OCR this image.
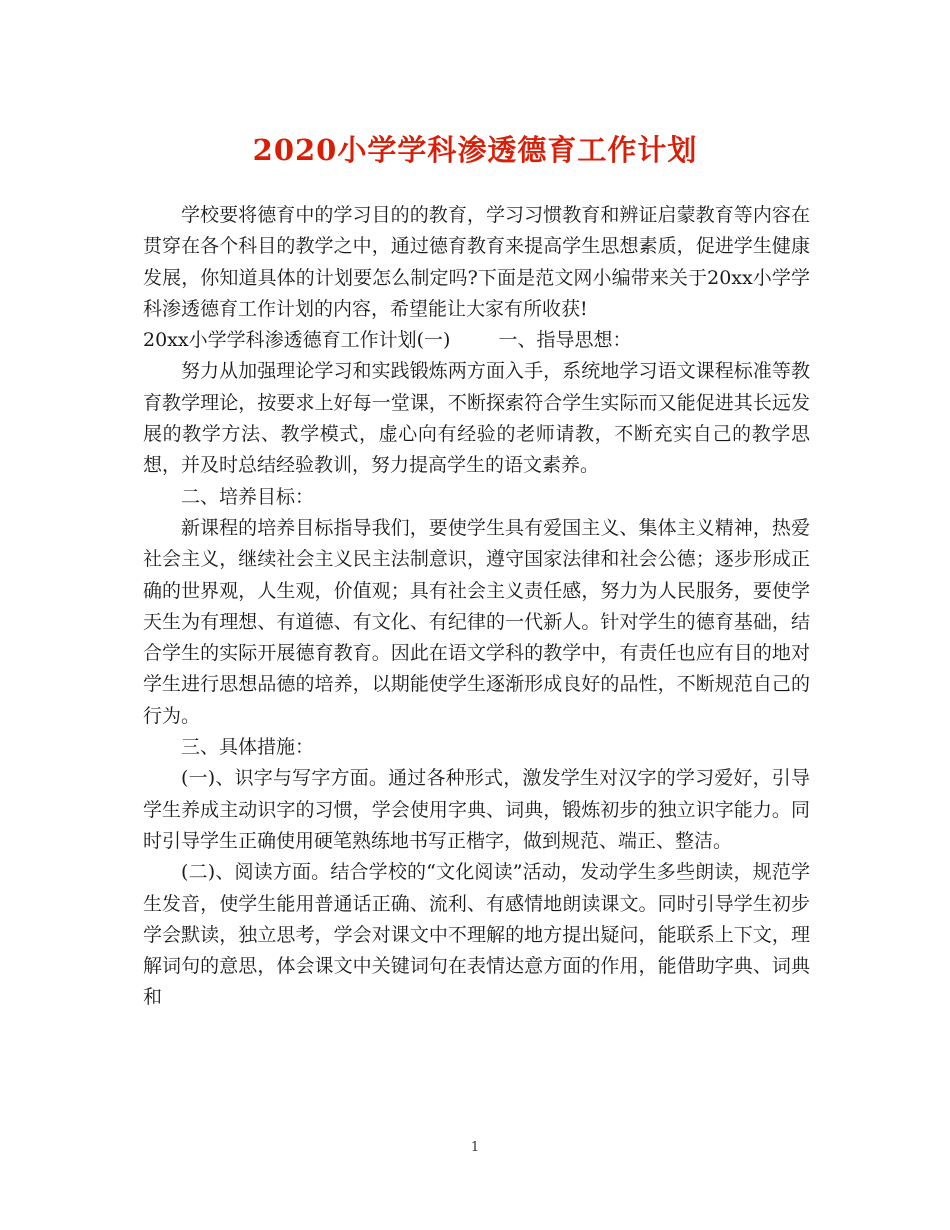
2020小学学科渗透德育工作计划

学校要将德育中的学习目的的教育，学习习惯教育和辨证启蒙教育等内容在贯穿在各个科目的教学之中，通过德育教育来提高学生思想素质，促进学生健康发展，你知道具体的计划要怎么制定吗?下面是范文网小编带来关于20xx小学学科渗透德育工作计划的内容，希望能让大家有所收获!

20xx小学学科渗透德育工作计划(一)	一、指导思想：

努力从加强理论学习和实践锻炼两方面入手，系统地学习语文课程标准等教育教学理论，按要求上好每一堂课，不断探索符合学生实际而又能促进其长远发展的教学方法、教学模式，虚心向有经验的老师请教，不断充实自己的教学思想，并及时总结经验教训，努力提高学生的语文素养。

二、培养目标：

新课程的培养目标指导我们，要使学生具有爱国主义、集体主义精神，热爱社会主义，继续社会主义民主法制意识，遵守国家法律和社会公德；逐步形成正确的世界观，人生观，价值观；具有社会主义责任感，努力为人民服务，要使学天生为有理想、有道德、有文化、有纪律的一代新人。针对学生的德育基础，结合学生的实际开展德育教育。因此在语文学科的教学中，有责任也应有目的地对学生进行思想品德的培养，以期能使学生逐渐形成良好的品性，不断规范自己的行为。

三、具体措施：

(一)、识字与写字方面。通过各种形式，激发学生对汉字的学习爱好，引导学生养成主动识字的习惯，学会使用字典、词典，锻炼初步的独立识字能力。同时引导学生正确使用硬笔熟练地书写正楷字，做到规范、端正、整洁。

(二)、阅读方面。结合学校的“文化阅读”活动，发动学生多些朗读，规范学生发音，使学生能用普通话正确、流利、有感情地朗读课文。同时引导学生初步学会默读，独立思考，学会对课文中不理解的地方提出疑问，能联系上下文，理解词句的意思，体会课文中关键词句在表情达意方面的作用，能借助字典、词典和

1
